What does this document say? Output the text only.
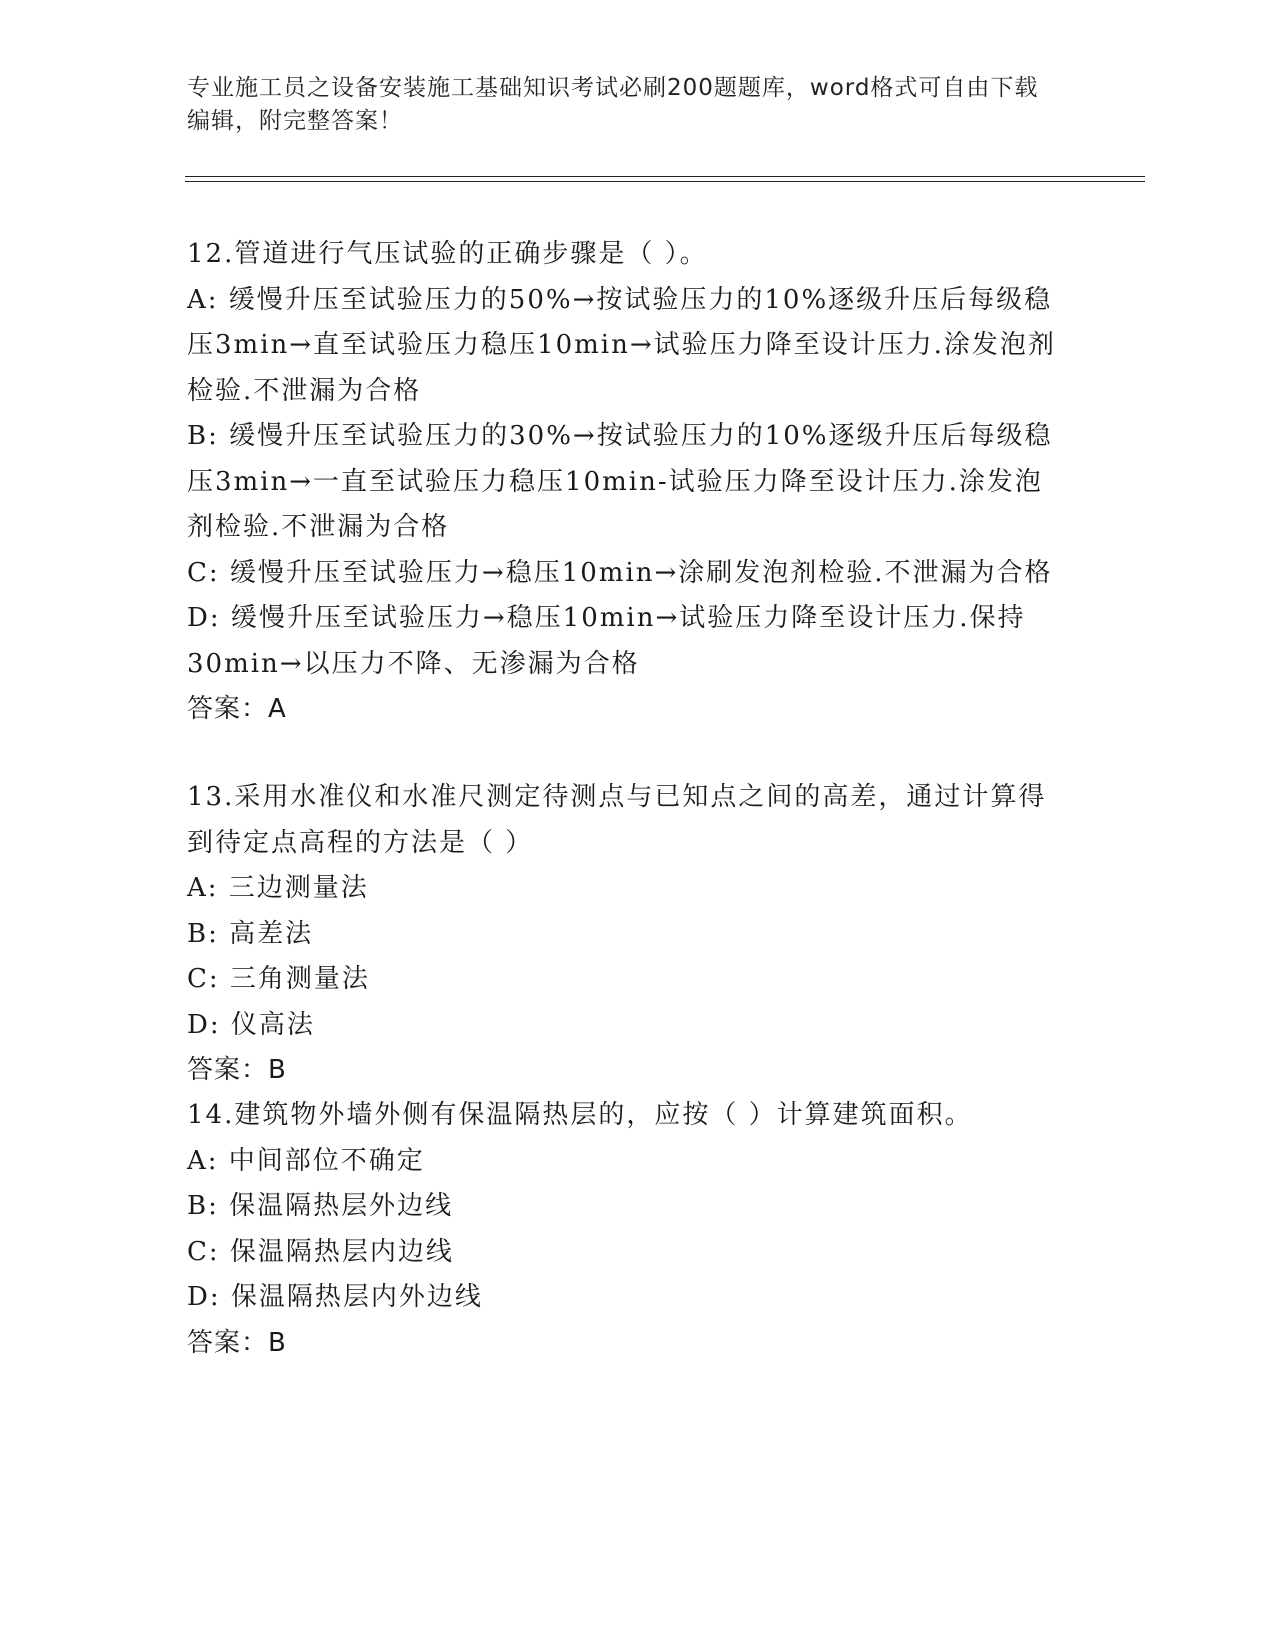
专业施工员之设备安装施工基础知识考试必刷200题题库，word格式可自由下载
编辑，附完整答案！
12.管道进行气压试验的正确步骤是（ ）。
A: 缓慢升压至试验压力的50%→按试验压力的10%逐级升压后每级稳
压3min→直至试验压力稳压10min→试验压力降至设计压力.涂发泡剂
检验.不泄漏为合格
B: 缓慢升压至试验压力的30%→按试验压力的10%逐级升压后每级稳
压3min→一直至试验压力稳压10min-试验压力降至设计压力.涂发泡
剂检验.不泄漏为合格
C: 缓慢升压至试验压力→稳压10min→涂刷发泡剂检验.不泄漏为合格
D: 缓慢升压至试验压力→稳压10min→试验压力降至设计压力.保持
30min→以压力不降、无渗漏为合格
答案：A
13.采用水准仪和水准尺测定待测点与已知点之间的高差，通过计算得
到待定点高程的方法是（ ）
A: 三边测量法
B: 高差法
C: 三角测量法
D: 仪高法
答案：B
14.建筑物外墙外侧有保温隔热层的，应按（ ）计算建筑面积。
A: 中间部位不确定
B: 保温隔热层外边线
C: 保温隔热层内边线
D: 保温隔热层内外边线
答案：B
